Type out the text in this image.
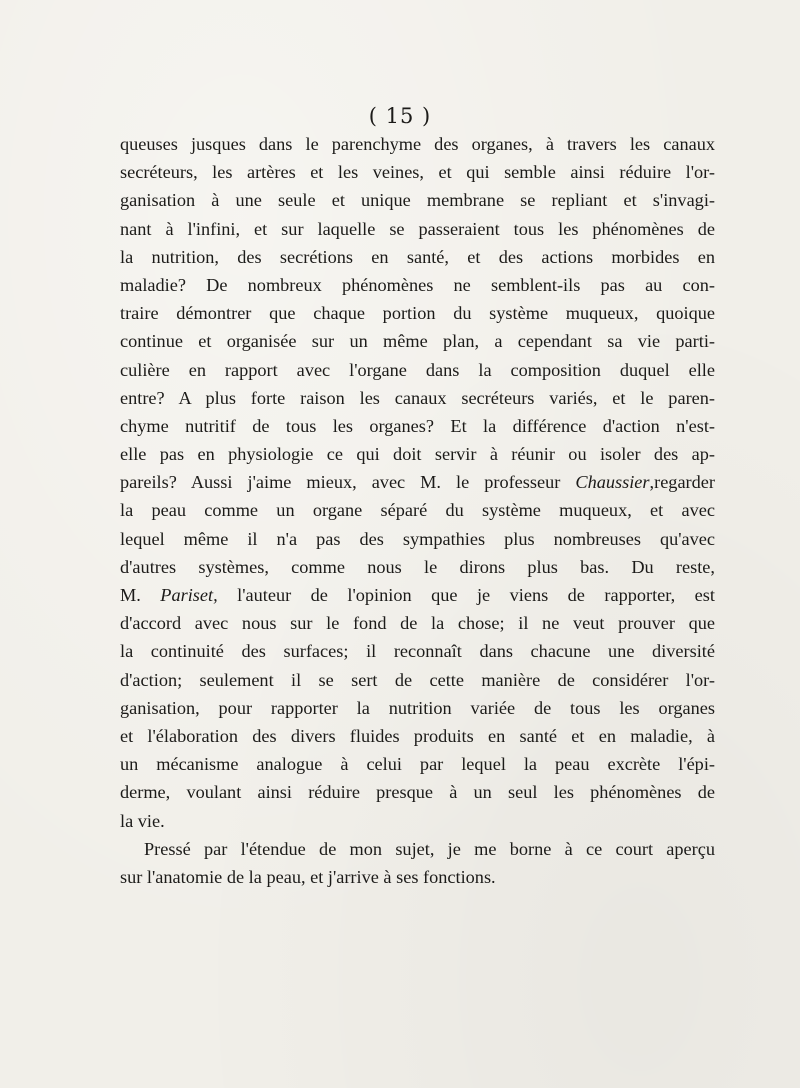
( 15 )
queuses jusques dans le parenchyme des organes, à travers les canaux
secréteurs, les artères et les veines, et qui semble ainsi réduire l'or-
ganisation à une seule et unique membrane se repliant et s'invagi-
nant à l'infini, et sur laquelle se passeraient tous les phénomènes de
la nutrition, des secrétions en santé, et des actions morbides en
maladie? De nombreux phénomènes ne semblent-ils pas au con-
traire démontrer que chaque portion du système muqueux, quoique
continue et organisée sur un même plan, a cependant sa vie parti-
culière en rapport avec l'organe dans la composition duquel elle
entre? A plus forte raison les canaux secréteurs variés, et le paren-
chyme nutritif de tous les organes? Et la différence d'action n'est-
elle pas en physiologie ce qui doit servir à réunir ou isoler des ap-
pareils? Aussi j'aime mieux, avec M. le professeur Chaussier,regarder
la peau comme un organe séparé du système muqueux, et avec
lequel même il n'a pas des sympathies plus nombreuses qu'avec
d'autres systèmes, comme nous le dirons plus bas. Du reste,
M. Pariset, l'auteur de l'opinion que je viens de rapporter, est
d'accord avec nous sur le fond de la chose; il ne veut prouver que
la continuité des surfaces; il reconnaît dans chacune une diversité
d'action; seulement il se sert de cette manière de considérer l'or-
ganisation, pour rapporter la nutrition variée de tous les organes
et l'élaboration des divers fluides produits en santé et en maladie, à
un mécanisme analogue à celui par lequel la peau excrète l'épi-
derme, voulant ainsi réduire presque à un seul les phénomènes de
la vie.
Pressé par l'étendue de mon sujet, je me borne à ce court aperçu
sur l'anatomie de la peau, et j'arrive à ses fonctions.
